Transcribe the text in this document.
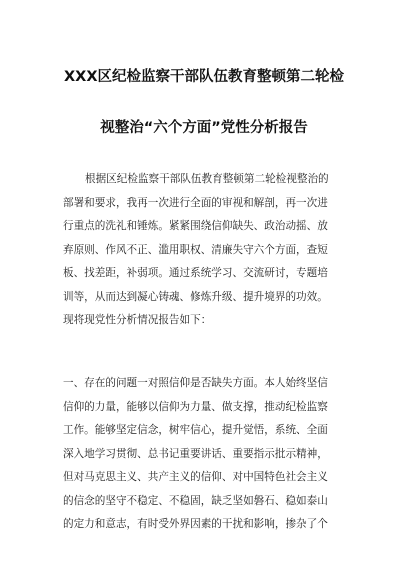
XXX区纪检监察干部队伍教育整顿第二轮检
视整治“六个方面”党性分析报告
根据区纪检监察干部队伍教育整顿第二轮检视整治的
部署和要求，我再一次进行全面的审视和解剖，再一次进
行重点的洗礼和锤炼。紧紧围绕信仰缺失、政治动摇、放
弃原则、作风不正、滥用职权、清廉失守六个方面，查短
板、找差距，补弱项。通过系统学习、交流研讨，专题培
训等，从而达到凝心铸魂、修炼升级、提升境界的功效。
现将现党性分析情况报告如下：
一、存在的问题一对照信仰是否缺失方面。本人始终坚信
信仰的力量，能够以信仰为力量、做支撑，推动纪检监察
工作。能够坚定信念，树牢信心，提升觉悟，系统、全面
深入地学习贯彻、总书记重要讲话、重要指示批示精神，
但对马克思主义、共产主义的信仰、对中国特色社会主义
的信念的坚守不稳定、不稳固，缺乏坚如磐石、稳如泰山
的定力和意志，有时受外界因素的干扰和影响，掺杂了个
